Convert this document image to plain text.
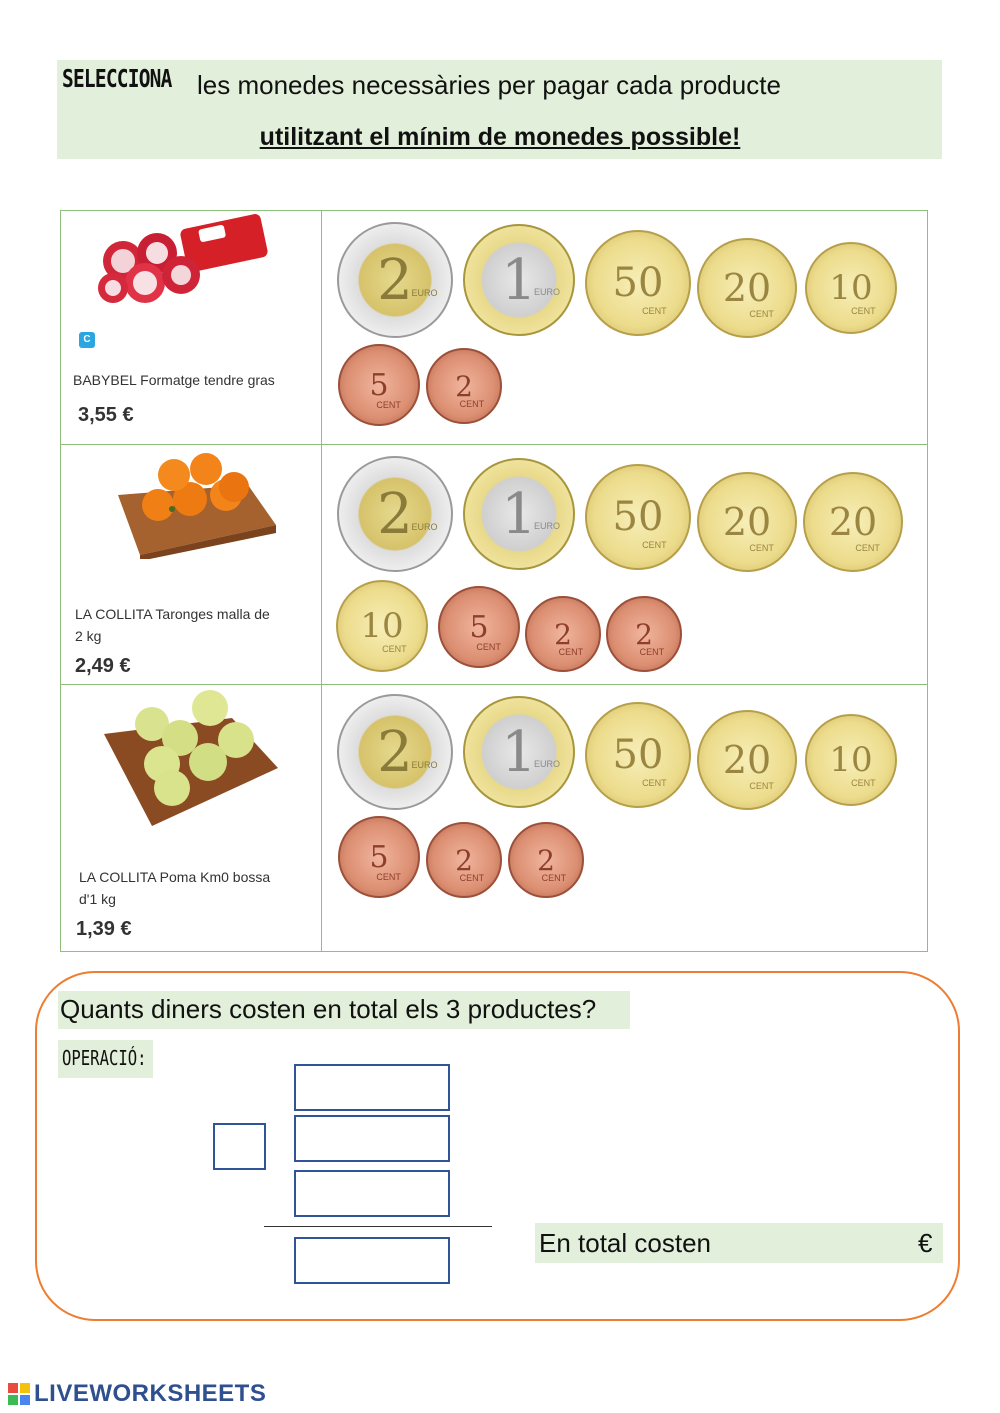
SELECCIONA les monedes necessàries per pagar cada producte
utilitzant el mínim de monedes possible!
C
BABYBEL Formatge tendre gras
3,55 €
LA COLLITA Taronges malla de
2 kg
2,49 €
LA COLLITA Poma Km0 bossa
d'1 kg
1,39 €
2
EURO 1
EURO 50
CENT
20
CENT
10
CENT
5
CENT
2
CENT
2
EURO 1
EURO 50
CENT
20
CENT
20
CENT
10
CENT
5
CENT 2
CENT
2
CENT
2
EURO 1
EURO 50
CENT
20
CENT
10
CENT
5
CENT
2
CENT
2
CENT
Quants diners costen en total els 3 productes?
OPERACIÓ:
En total costen	€
LIVEWORKSHEETS
